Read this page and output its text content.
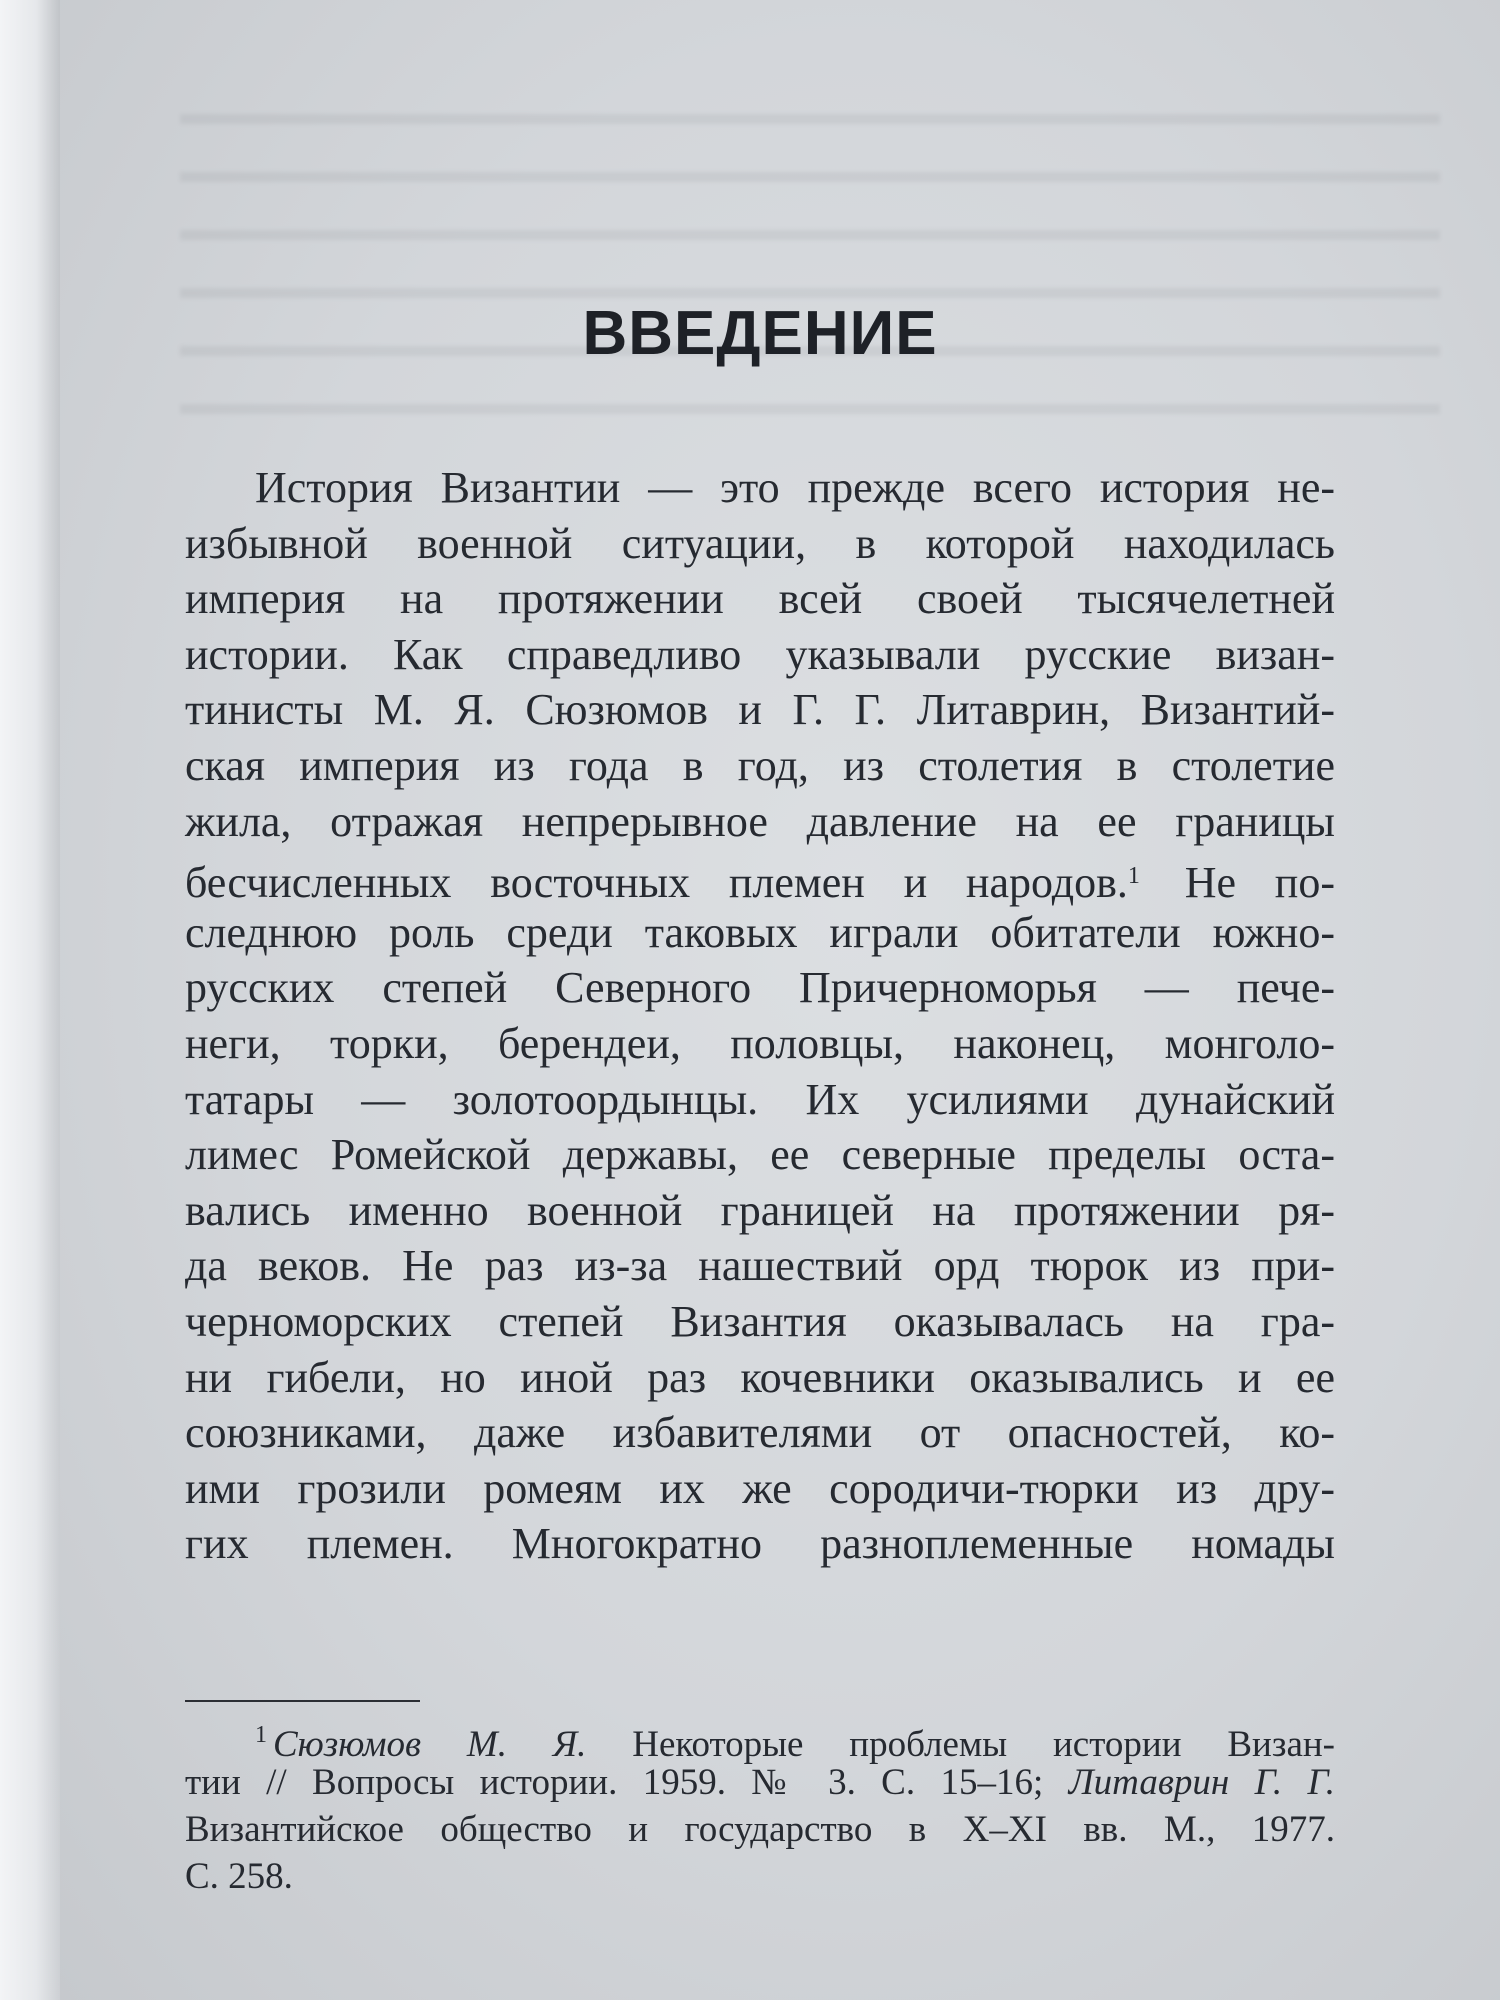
ВВЕДЕНИЕ
История Византии — это прежде всего история не-
избывной военной ситуации, в которой находилась
империя на протяжении всей своей тысячелетней
истории. Как справедливо указывали русские визан-
тинисты М. Я. Сюзюмов и Г. Г. Литаврин, Византий-
ская империя из года в год, из столетия в столетие
жила, отражая непрерывное давление на ее границы
бесчисленных восточных племен и народов.$^1$ Не по-
следнюю роль среди таковых играли обитатели южно-
русских степей Северного Причерноморья — пече-
неги, торки, берендеи, половцы, наконец, монголо-
татары — золотоордынцы. Их усилиями дунайский
лимес Ромейской державы, ее северные пределы оста-
вались именно военной границей на протяжении ря-
да веков. Не раз из-за нашествий орд тюрок из при-
черноморских степей Византия оказывалась на гра-
ни гибели, но иной раз кочевники оказывались и ее
союзниками, даже избавителями от опасностей, ко-
ими грозили ромеям их же сородичи-тюрки из дру-
гих племен. Многократно разноплеменные номады
$^1$ Сюзюмов М. Я. Некоторые проблемы истории Визан-
тии // Вопросы истории. 1959. № 3. С. 15–16; Литаврин Г. Г.
Византийское общество и государство в X–XI вв. М., 1977.
С. 258.
